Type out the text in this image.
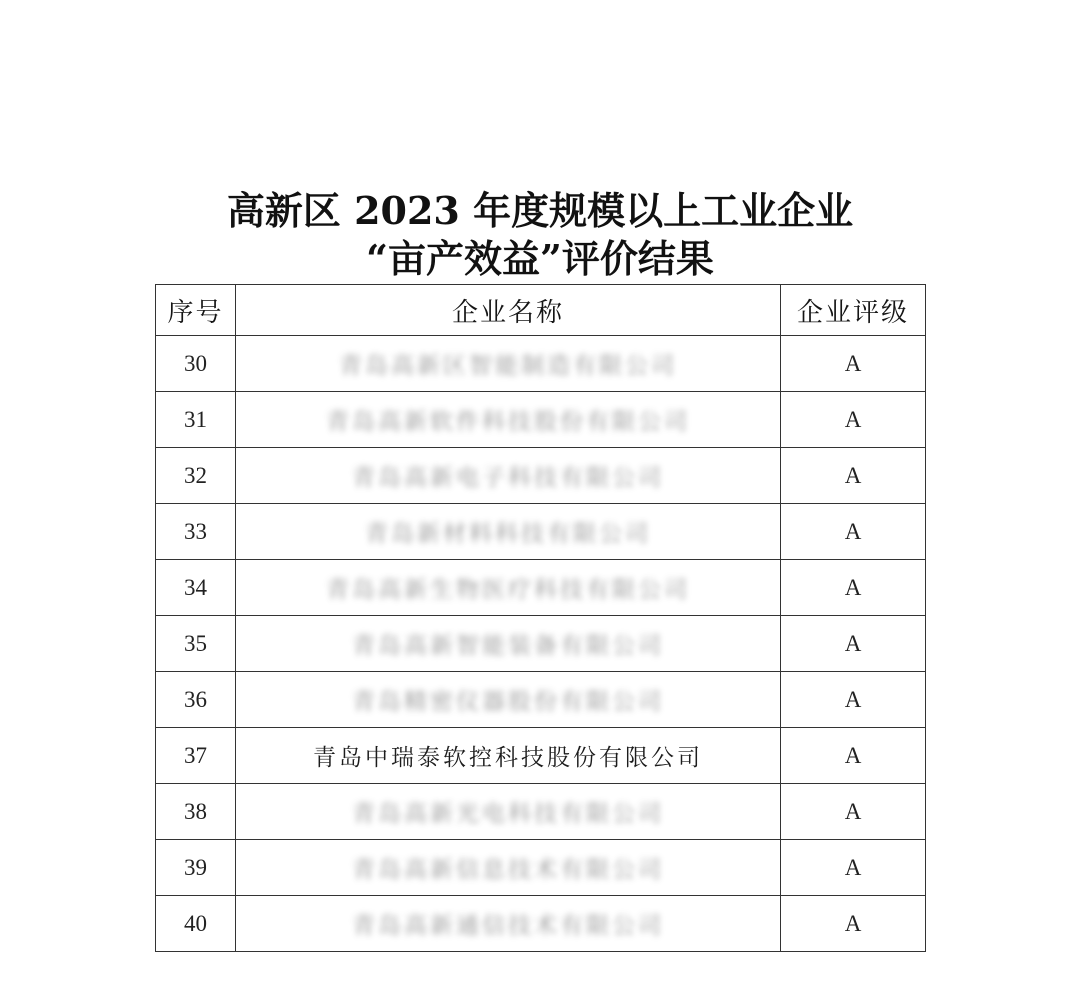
高新区 2023 年度规模以上工业企业
“亩产效益”评价结果
序号	企业名称	企业评级
30	青岛高新区智能制造有限公司	A
31	青岛高新软件科技股份有限公司	A
32	青岛高新电子科技有限公司	A
33	青岛新材料科技有限公司	A
34	青岛高新生物医疗科技有限公司	A
35	青岛高新智能装备有限公司	A
36	青岛精密仪器股份有限公司	A
37	青岛中瑞泰软控科技股份有限公司	A
38	青岛高新光电科技有限公司	A
39	青岛高新信息技术有限公司	A
40	青岛高新通信技术有限公司	A
